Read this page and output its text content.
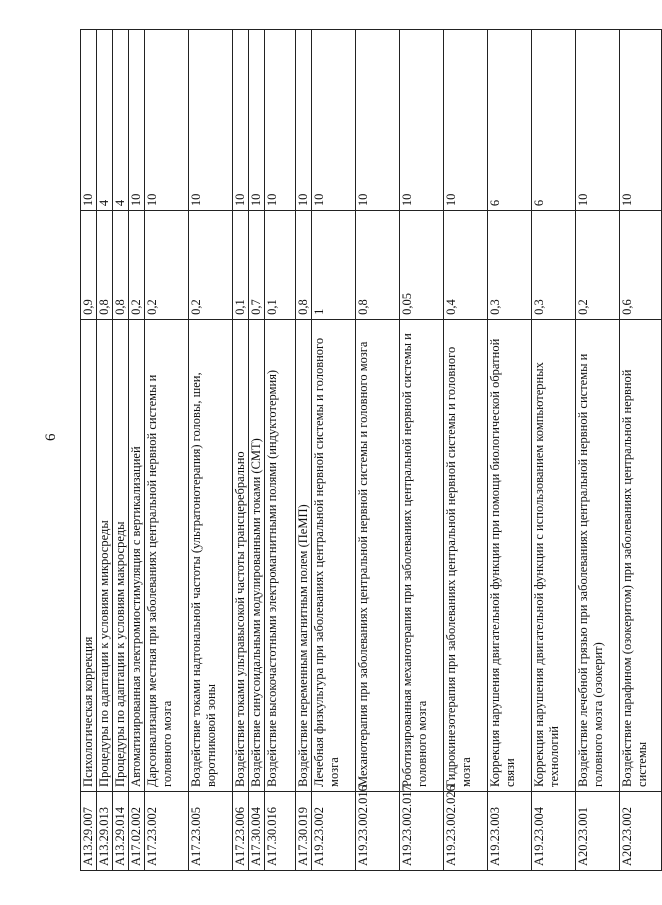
6
A13.29.007	Психологическая коррекция	0,9	10
A13.29.013	Процедуры по адаптации к условиям микросреды	0,8	4
A13.29.014	Процедуры по адаптации к условиям макросреды	0,8	4
A17.02.002	Автоматизированная электромиостимуляция с вертикализацией	0,2	10
A17.23.002	Дарсонвализация местная при заболеваниях центральной нервной системы и головного мозга	0,2	10
A17.23.005	Воздействие токами надтональной частоты (ультратонотерапия) головы, шеи, воротниковой зоны	0,2	10
A17.23.006	Воздействие токами ультравысокой частоты трансцеребрально	0,1	10
A17.30.004	Воздействие синусоидальными модулированными токами (СМТ)	0,7	10
A17.30.016	Воздействие высокочастотными электромагнитными полями (индуктотермия)	0,1	10
A17.30.019	Воздействие переменным магнитным полем (ПеМП)	0,8	10
A19.23.002	Лечебная физкультура при заболеваниях центральной нервной системы и головного мозга	1	10
A19.23.002.016	Механотерапия при заболеваниях центральной нервной системы и головного мозга	0,8	10
A19.23.002.017	Роботизированная механотерапия при заболеваниях центральной нервной системы и головного мозга	0,05	10
A19.23.002.026	Гидрокинезотерапия при заболеваниях центральной нервной системы и головного мозга	0,4	10
A19.23.003	Коррекция нарушения двигательной функции при помощи биологической обратной связи	0,3	6
A19.23.004	Коррекция нарушения двигательной функции с использованием компьютерных технологий	0,3	6
A20.23.001	Воздействие лечебной грязью при заболеваниях центральной нервной системы и головного мозга (озокерит)	0,2	10
A20.23.002	Воздействие парафином (озокеритом) при заболеваниях центральной нервной системы	0,6	10
